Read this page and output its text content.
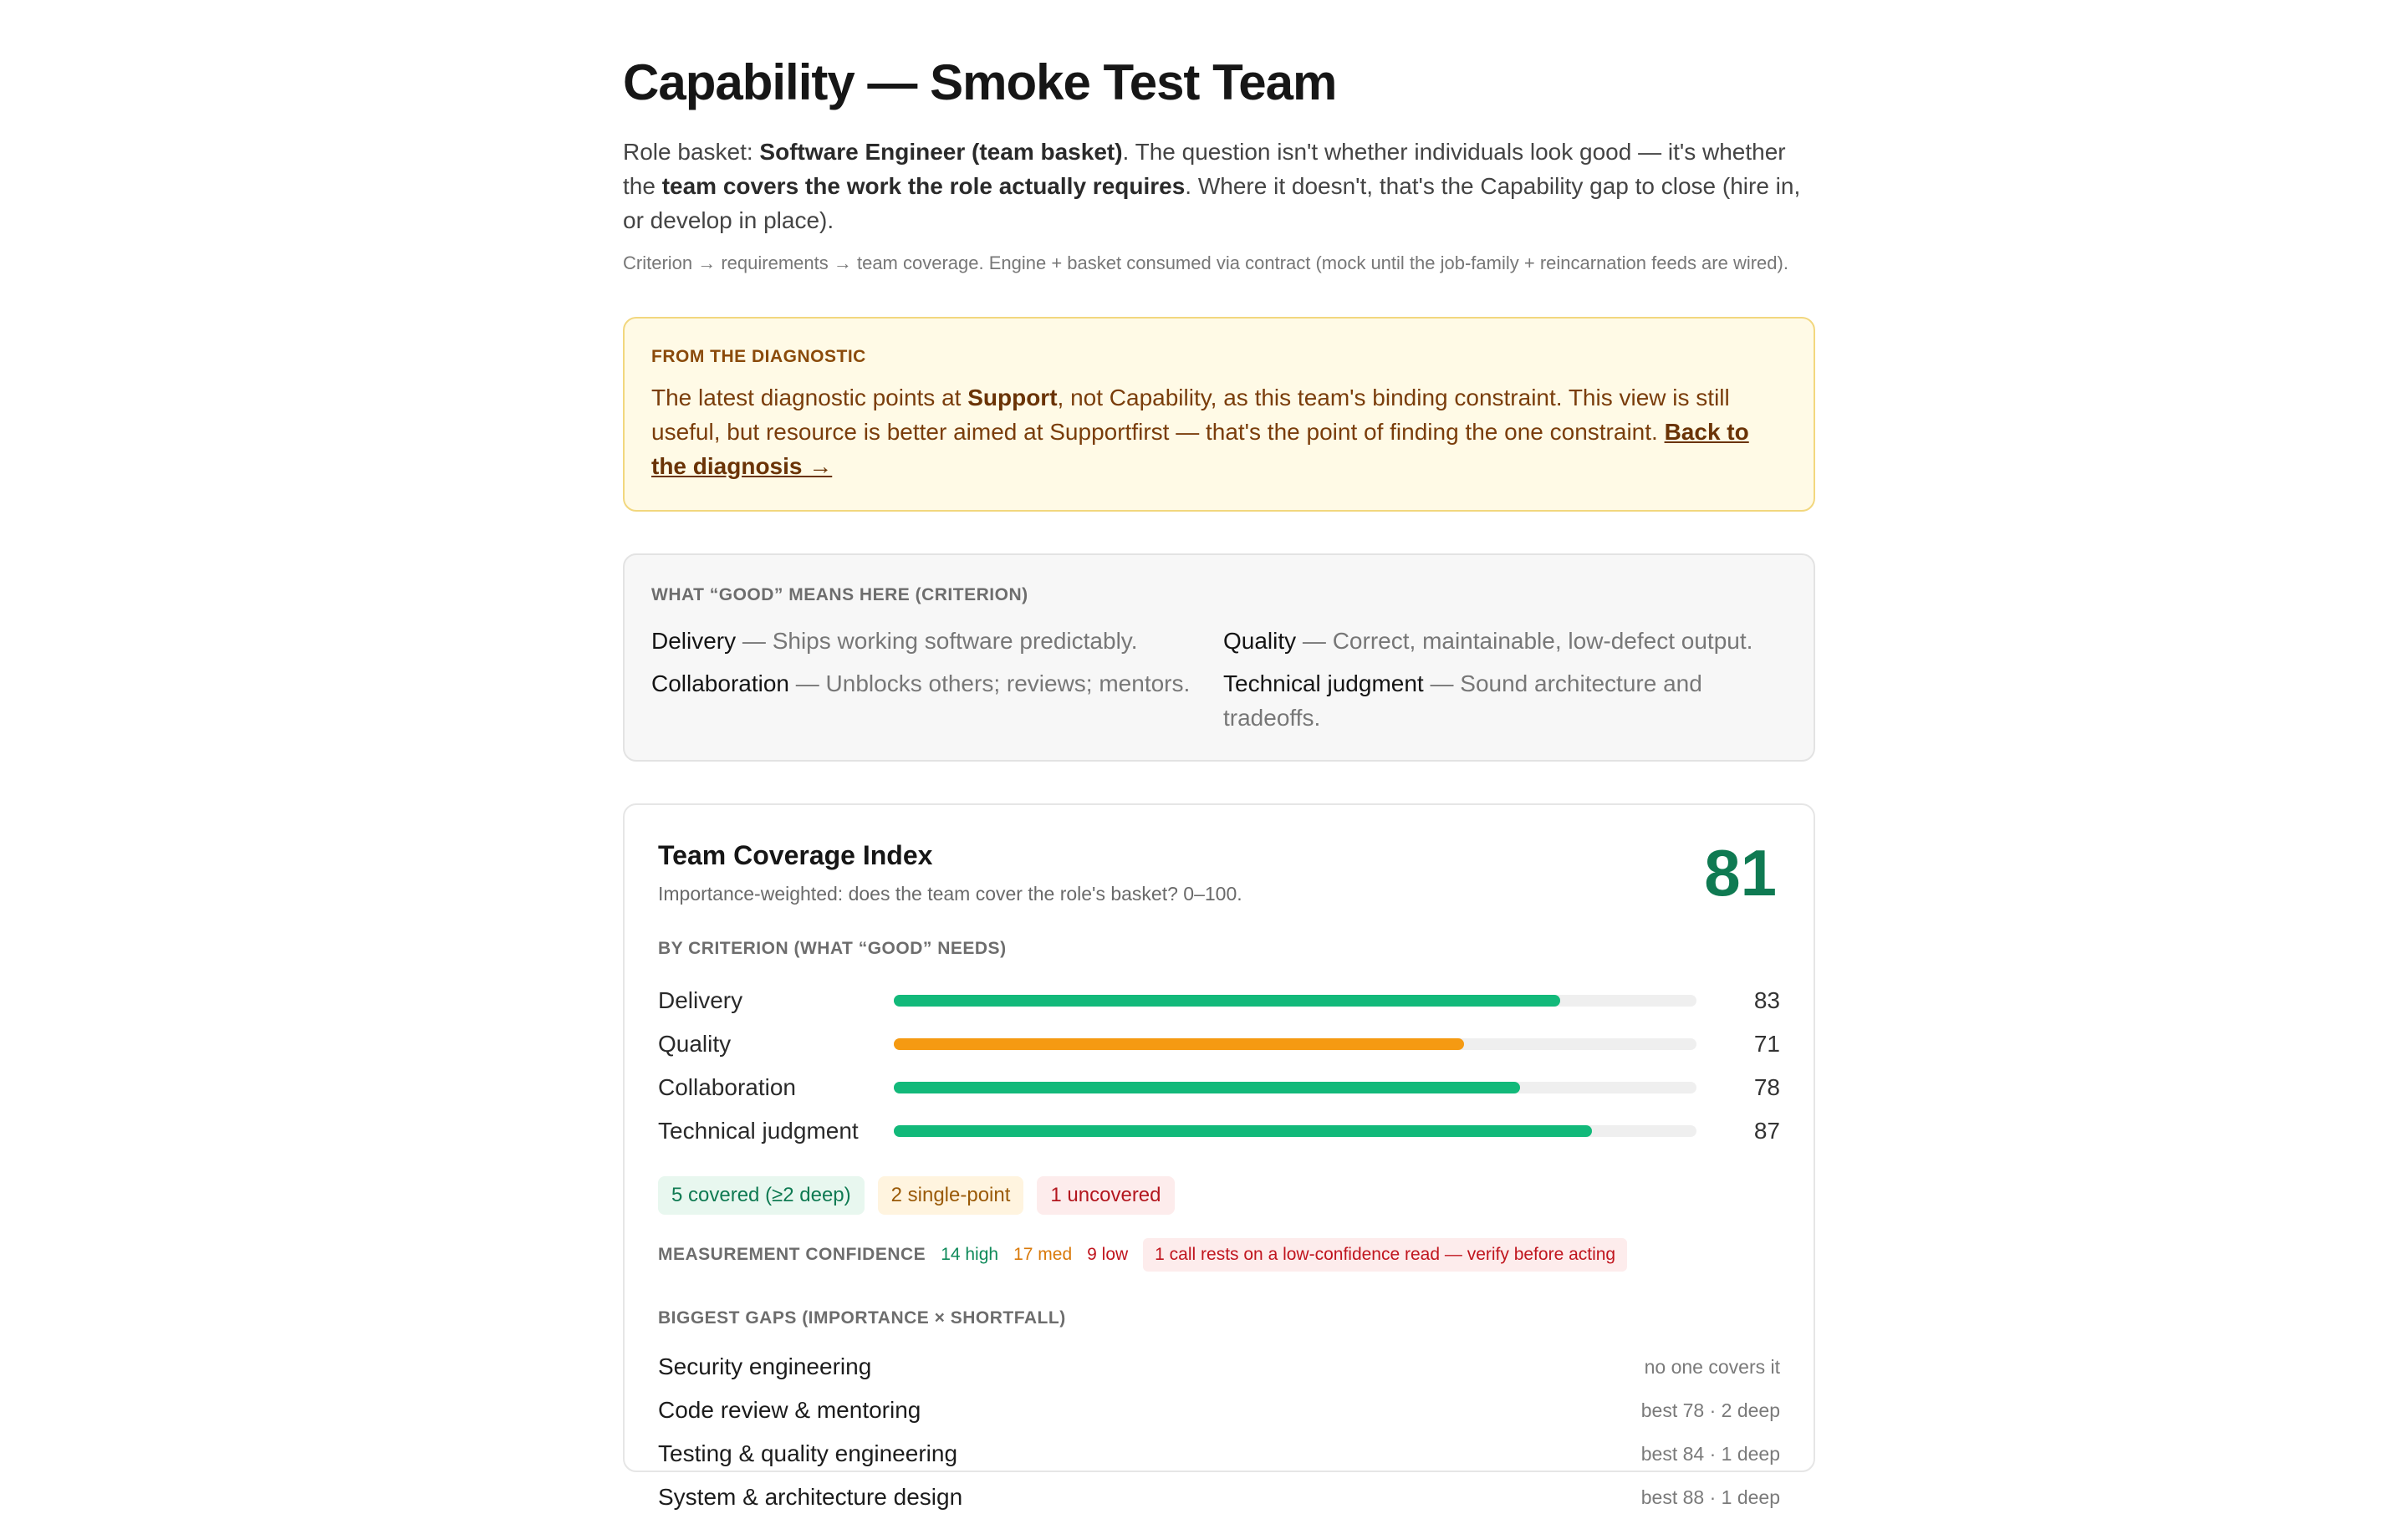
Capability — Smoke Test Team

Role basket: Software Engineer (team basket). The question isn't whether individuals look good — it's whether the team covers the work the role actually requires. Where it doesn't, that's the Capability gap to close (hire in, or develop in place).

Criterion → requirements → team coverage. Engine + basket consumed via contract (mock until the job-family + reincarnation feeds are wired).

FROM THE DIAGNOSTIC

The latest diagnostic points at Support, not Capability, as this team's binding constraint. This view is still useful, but resource is better aimed at Supportfirst — that's the point of finding the one constraint. Back to the diagnosis →

WHAT “GOOD” MEANS HERE (CRITERION)
Delivery — Ships working software predictably.	Quality — Correct, maintainable, low-defect output.
Collaboration — Unblocks others; reviews; mentors.	Technical judgment — Sound architecture and tradeoffs.
Team Coverage Index
Importance-weighted: does the team cover the role's basket? 0–100.	81
BY CRITERION (WHAT “GOOD” NEEDS)
Delivery	83
Quality	71
Collaboration	78
Technical judgment	87
5 covered (≥2 deep)	2 single-point	1 uncovered
MEASUREMENT CONFIDENCE 14 high 17 med 9 low	1 call rests on a low-confidence read — verify before acting
BIGGEST GAPS (IMPORTANCE × SHORTFALL)
Security engineering	no one covers it
Code review & mentoring	best 78 · 2 deep
Testing & quality engineering	best 84 · 1 deep
System & architecture design	best 88 · 1 deep
